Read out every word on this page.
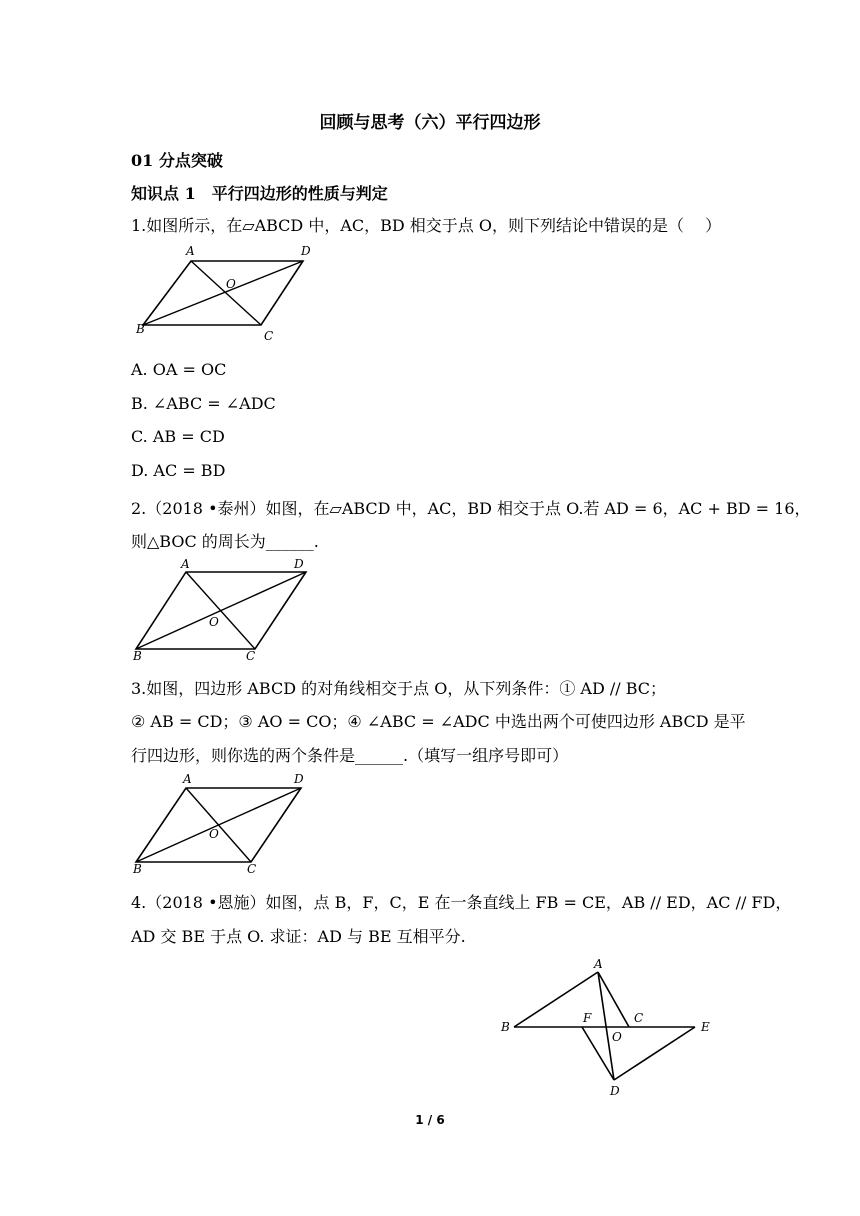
回顾与思考（六）平行四边形
01 分点突破
知识点 1　平行四边形的性质与判定
1.如图所示，在▱ABCD 中，AC，BD 相交于点 O，则下列结论中错误的是（　 ）
A	D
O
B	C
A. OA = OC
B. ∠ABC = ∠ADC
C. AB = CD
D. AC = BD
2.（2018 •泰州）如图，在▱ABCD 中，AC，BD 相交于点 O.若 AD = 6，AC + BD = 16，
则△BOC 的周长为______.
A	D
O
B	C
3.如图，四边形 ABCD 的对角线相交于点 O，从下列条件：① AD // BC；
② AB = CD；③ AO = CO；④ ∠ABC = ∠ADC 中选出两个可使四边形 ABCD 是平
行四边形，则你选的两个条件是______.（填写一组序号即可）
A	D
O
B	C
4.（2018 •恩施）如图，点 B，F，C，E 在一条直线上 FB = CE，AB // ED，AC // FD，
AD 交 BE 于点 O. 求证：AD 与 BE 互相平分.
A
B
F	C
O
E
D
1 / 6
